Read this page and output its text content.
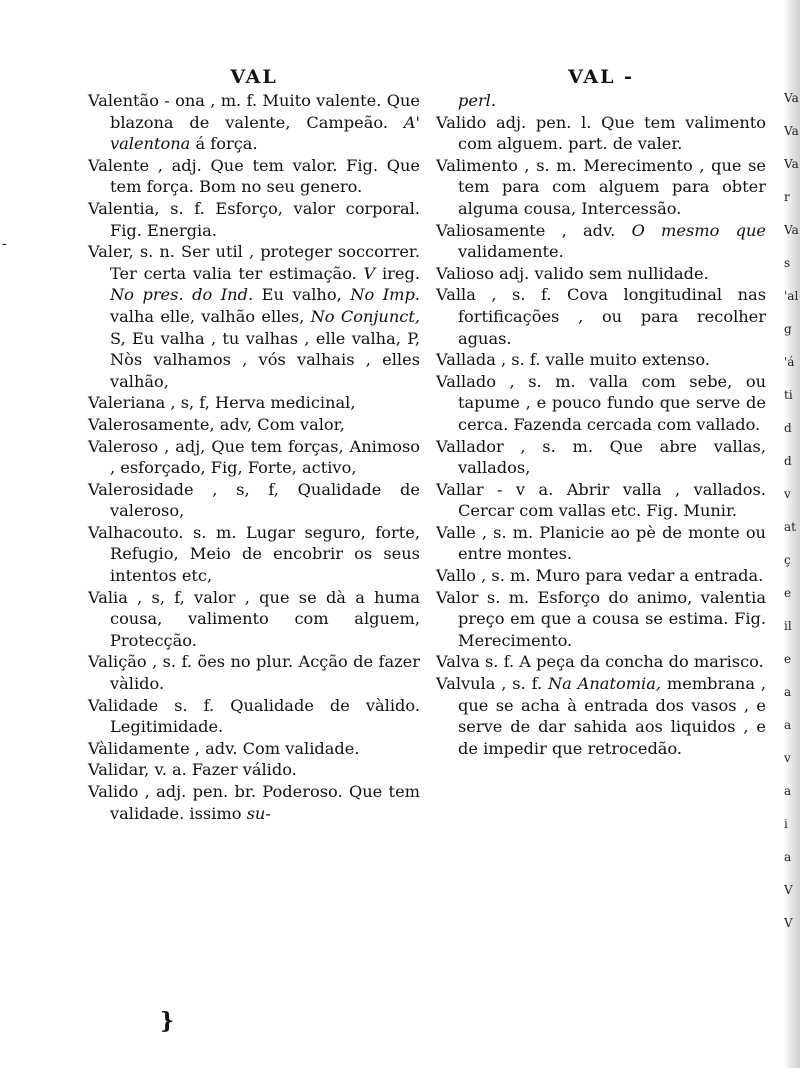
VAL
Valentão - ona , m. f. Muito valente. Que blazona de valente, Campeão. A' valentona á força.
Valente , adj. Que tem valor. Fig. Que tem força. Bom no seu genero.
Valentia, s. f. Esforço, valor corporal. Fig. Energia.
Valer, s. n. Ser util , proteger soccorrer. Ter certa valia ter estimação. V ireg. No pres. do Ind. Eu valho, No Imp. valha elle, valhão elles, No Conjunct, S, Eu valha , tu valhas , elle valha, P, Nòs valhamos , vós valhais , elles valhão,
Valeriana , s, f, Herva medicinal,
Valerosamente, adv, Com valor,
Valeroso , adj, Que tem forças, Animoso , esforçado, Fig, Forte, activo,
Valerosidade , s, f, Qualidade de valeroso,
Valhacouto. s. m. Lugar seguro, forte, Refugio, Meio de encobrir os seus intentos etc,
Valia , s, f, valor , que se dà a huma cousa, valimento com alguem, Protecção.
Valição , s. f. ões no plur. Acção de fazer vàlido.
Validade s. f. Qualidade de vàlido. Legitimidade.
Vàlidamente , adv. Com validade.
Validar, v. a. Fazer válido.
Valido , adj. pen. br. Poderoso. Que tem validade. issimo su-
VAL -
perl.
Valido adj. pen. l. Que tem valimento com alguem. part. de valer.
Valimento , s. m. Merecimento , que se tem para com alguem para obter alguma cousa, Intercessão.
Valiosamente , adv. O mesmo que validamente.
Valioso adj. valido sem nullidade.
Valla , s. f. Cova longitudinal nas fortificações , ou para recolher aguas.
Vallada , s. f. valle muito extenso.
Vallado , s. m. valla com sebe, ou tapume , e pouco fundo que serve de cerca. Fazenda cercada com vallado.
Vallador , s. m. Que abre vallas, vallados,
Vallar - v a. Abrir valla , vallados. Cercar com vallas etc. Fig. Munir.
Valle , s. m. Planicie ao pè de monte ou entre montes.
Vallo , s. m. Muro para vedar a entrada.
Valor s. m. Esforço do animo, valentia preço em que a cousa se estima. Fig. Merecimento.
Valva s. f. A peça da concha do marisco.
Valvula , s. f. Na Anatomia, membrana , que se acha à entrada dos vasos , e serve de dar sahida aos liquidos , e de impedir que retrocedão.
-
}
Va
Va
Va
r
Va
s
'al
g
'á
ti
d
d
v
at
ç
e
il
e
a
a
v
a
i
a
V
V
